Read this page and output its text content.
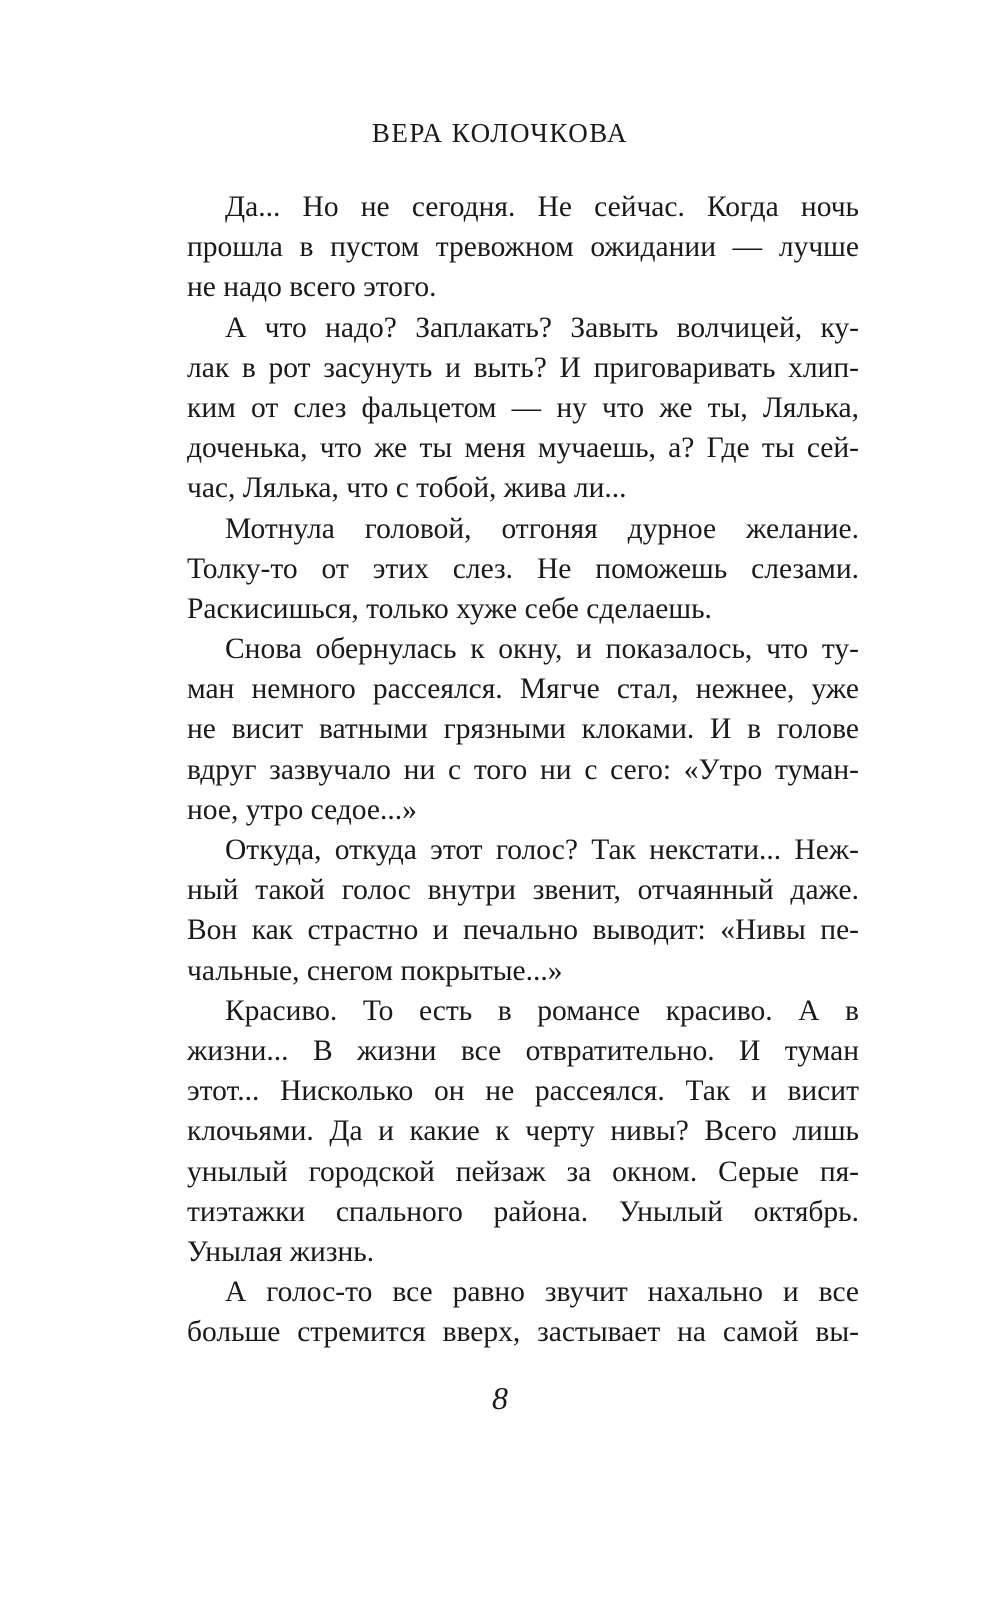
ВЕРА КОЛОЧКОВА
Да... Но не сегодня. Не сейчас. Когда ночь
прошла в пустом тревожном ожидании — лучше
не надо всего этого.
А что надо? Заплакать? Завыть волчицей, ку-
лак в рот засунуть и выть? И приговаривать хлип-
ким от слез фальцетом — ну что же ты, Лялька,
доченька, что же ты меня мучаешь, а? Где ты сей-
час, Лялька, что с тобой, жива ли...
Мотнула головой, отгоняя дурное желание.
Толку-то от этих слез. Не поможешь слезами.
Раскисишься, только хуже себе сделаешь.
Снова обернулась к окну, и показалось, что ту-
ман немного рассеялся. Мягче стал, нежнее, уже
не висит ватными грязными клоками. И в голове
вдруг зазвучало ни с того ни с сего: «Утро туман-
ное, утро седое...»
Откуда, откуда этот голос? Так некстати... Неж-
ный такой голос внутри звенит, отчаянный даже.
Вон как страстно и печально выводит: «Нивы пе-
чальные, снегом покрытые...»
Красиво. То есть в романсе красиво. А в
жизни... В жизни все отвратительно. И туман
этот... Нисколько он не рассеялся. Так и висит
клочьями. Да и какие к черту нивы? Всего лишь
унылый городской пейзаж за окном. Серые пя-
тиэтажки спального района. Унылый октябрь.
Унылая жизнь.
А голос-то все равно звучит нахально и все
больше стремится вверх, застывает на самой вы-
8
